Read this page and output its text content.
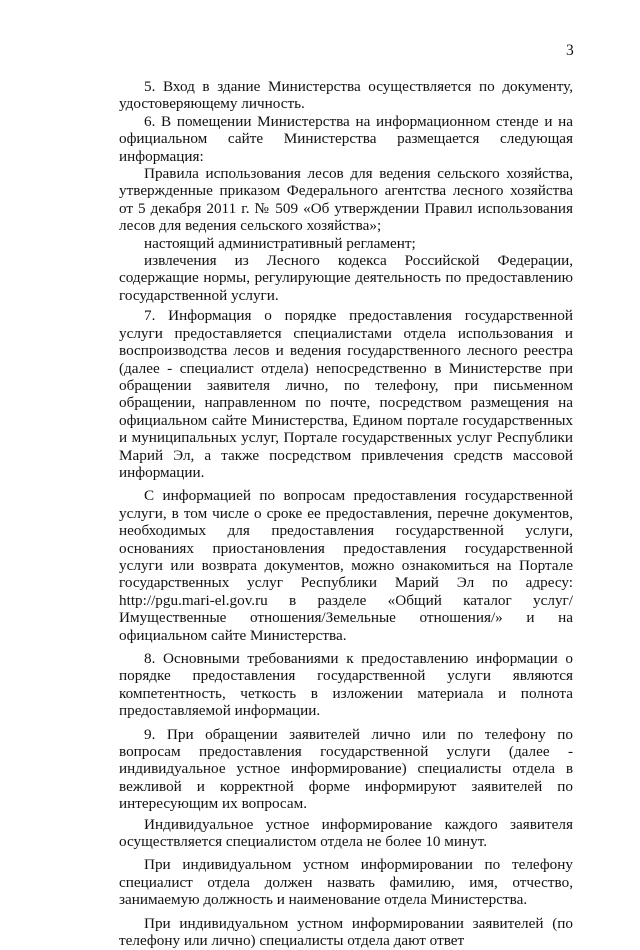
3

5. Вход в здание Министерства осуществляется по документу, удостоверяющему личность.

6. В помещении Министерства на информационном стенде и на официальном сайте Министерства размещается следующая информация:

Правила использования лесов для ведения сельского хозяйства, утвержденные приказом Федерального агентства лесного хозяйства от 5 декабря 2011 г. № 509 «Об утверждении Правил использования лесов для ведения сельского хозяйства»;

настоящий административный регламент;

извлечения из Лесного кодекса Российской Федерации, содержащие нормы, регулирующие деятельность по предоставлению государственной услуги.

7. Информация о порядке предоставления государственной услуги предоставляется специалистами отдела использования и воспроизводства лесов и ведения государственного лесного реестра (далее - специалист отдела) непосредственно в Министерстве при обращении заявителя лично, по телефону, при письменном обращении, направленном по почте, посредством размещения на официальном сайте Министерства, Едином портале государственных и муниципальных услуг, Портале государственных услуг Республики Марий Эл, а также посредством привлечения средств массовой информации.

С информацией по вопросам предоставления государственной услуги, в том числе о сроке ее предоставления, перечне документов, необходимых для предоставления государственной услуги, основаниях приостановления предоставления государственной услуги или возврата документов, можно ознакомиться на Портале государственных услуг Республики Марий Эл по адресу: http://pgu.mari-el.gov.ru в разделе «Общий каталог услуг/Имущественные отношения/Земельные отношения/» и на официальном сайте Министерства.

8. Основными требованиями к предоставлению информации о порядке предоставления государственной услуги являются компетентность, четкость в изложении материала и полнота предоставляемой информации.

9. При обращении заявителей лично или по телефону по вопросам предоставления государственной услуги (далее - индивидуальное устное информирование) специалисты отдела в вежливой и корректной форме информируют заявителей по интересующим их вопросам.

Индивидуальное устное информирование каждого заявителя осуществляется специалистом отдела не более 10 минут.

При индивидуальном устном информировании по телефону специалист отдела должен назвать фамилию, имя, отчество, занимаемую должность и наименование отдела Министерства.

При индивидуальном устном информировании заявителей (по телефону или лично) специалисты отдела дают ответ
